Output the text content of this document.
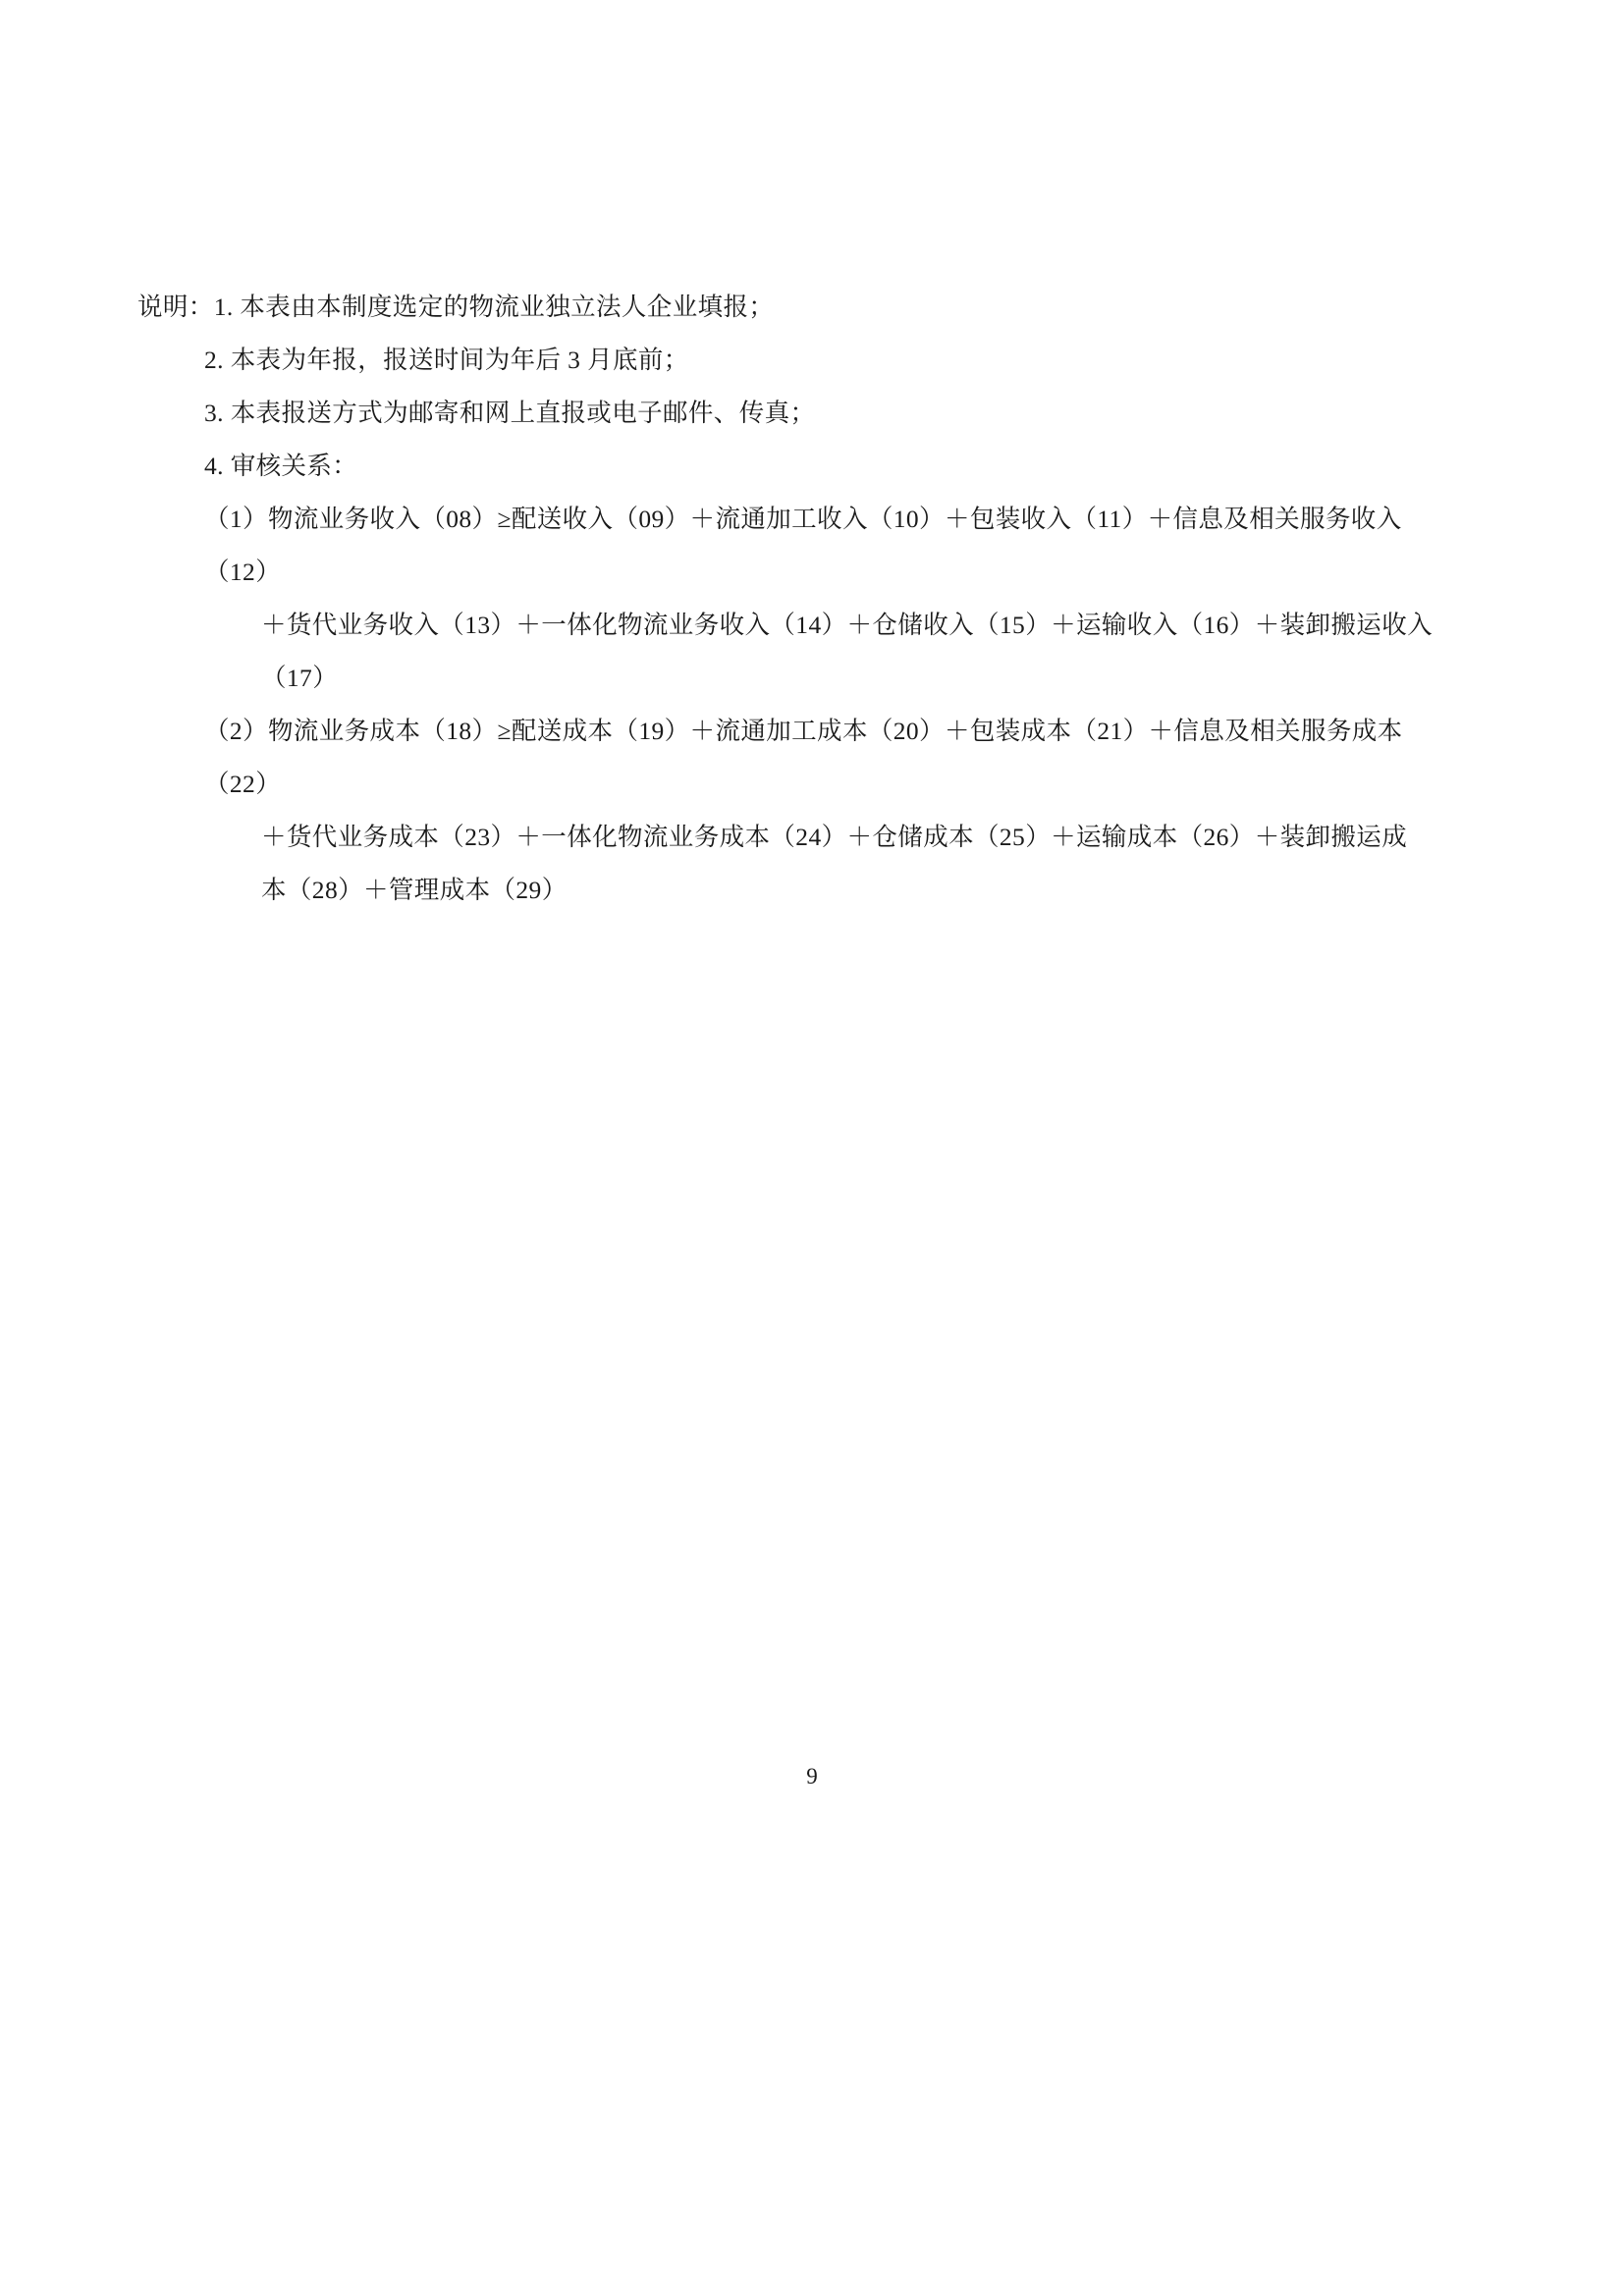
说明：1. 本表由本制度选定的物流业独立法人企业填报；
2. 本表为年报，报送时间为年后 3 月底前；
3. 本表报送方式为邮寄和网上直报或电子邮件、传真；
4. 审核关系：
（1）物流业务收入（08）≥配送收入（09）＋流通加工收入（10）＋包装收入（11）＋信息及相关服务收入（12）
＋货代业务收入（13）＋一体化物流业务收入（14）＋仓储收入（15）＋运输收入（16）＋装卸搬运收入
（17）
（2）物流业务成本（18）≥配送成本（19）＋流通加工成本（20）＋包装成本（21）＋信息及相关服务成本（22）
＋货代业务成本（23）＋一体化物流业务成本（24）＋仓储成本（25）＋运输成本（26）＋装卸搬运成
本（28）＋管理成本（29）
9
